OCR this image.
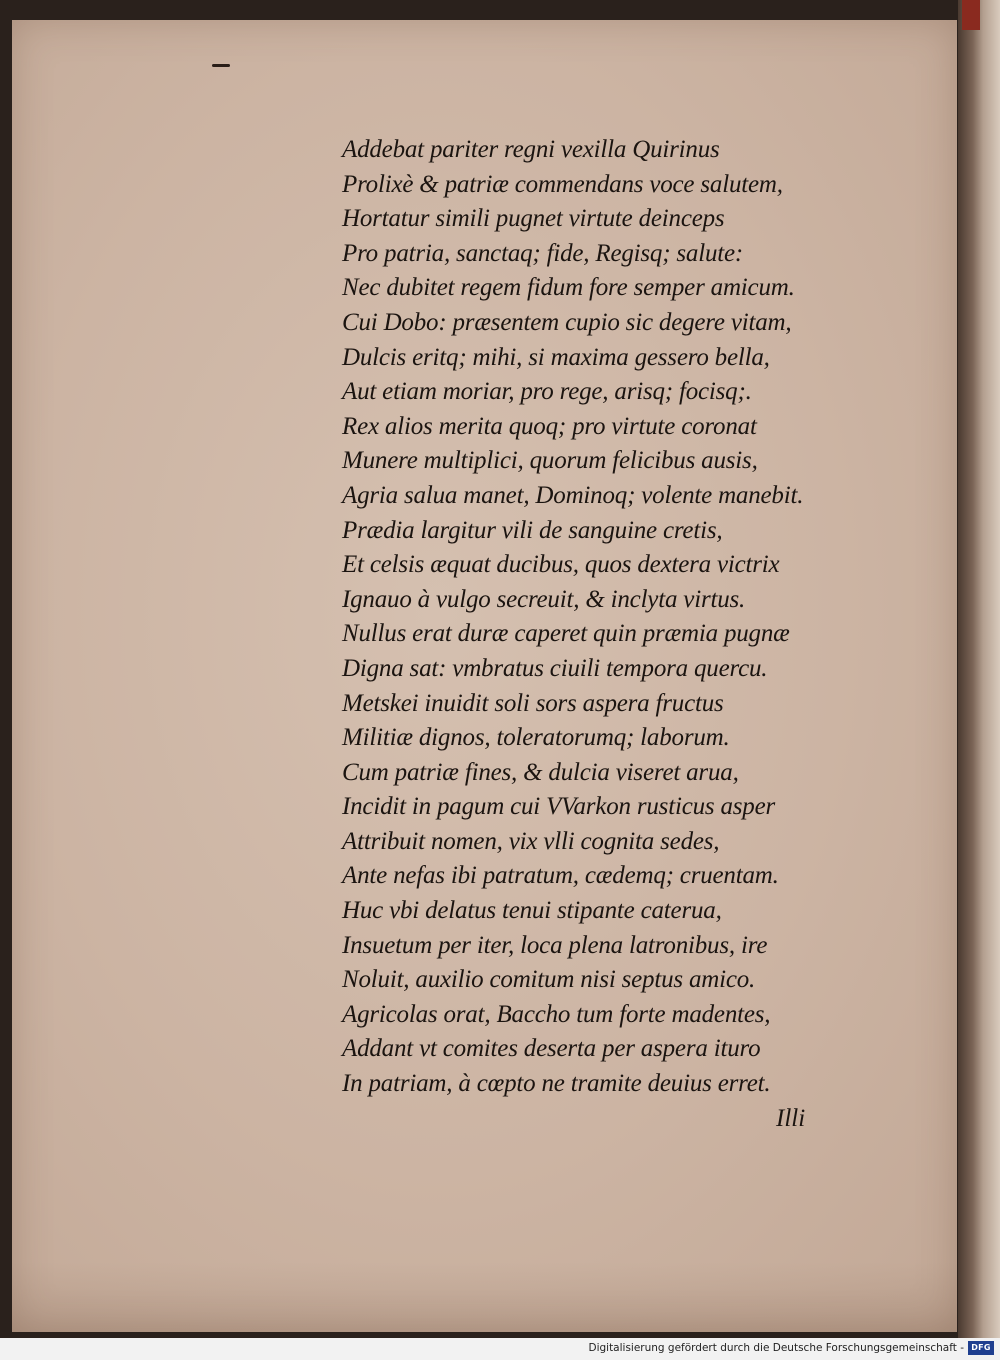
Addebat pariter regni vexilla Quirinus
Prolixè & patriæ commendans voce salutem,
Hortatur simili pugnet virtute deinceps
Pro patria, sanctaq; fide, Regisq; salute:
Nec dubitet regem fidum fore semper amicum.
Cui Dobo: præsentem cupio sic degere vitam,
Dulcis eritq; mihi, si maxima gessero bella,
Aut etiam moriar, pro rege, arisq; focisq;.
Rex alios merita quoq; pro virtute coronat
Munere multiplici, quorum felicibus ausis,
Agria salua manet, Dominoq; volente manebit.
Prædia largitur vili de sanguine cretis,
Et celsis æquat ducibus, quos dextera victrix
Ignauo à vulgo secreuit, & inclyta virtus.
Nullus erat duræ caperet quin præmia pugnæ
Digna sat: vmbratus ciuili tempora quercu.
Metskei inuidit soli sors aspera fructus
Militiæ dignos, toleratorumq; laborum.
Cum patriæ fines, & dulcia viseret arua,
Incidit in pagum cui VVarkon rusticus asper
Attribuit nomen, vix vlli cognita sedes,
Ante nefas ibi patratum, cædemq; cruentam.
Huc vbi delatus tenui stipante caterua,
Insuetum per iter, loca plena latronibus, ire
Noluit, auxilio comitum nisi septus amico.
Agricolas orat, Baccho tum forte madentes,
Addant vt comites deserta per aspera ituro
In patriam, à cœpto ne tramite deuius erret.
Illi
Digitalisierung gefördert durch die Deutsche Forschungsgemeinschaft - DFG
